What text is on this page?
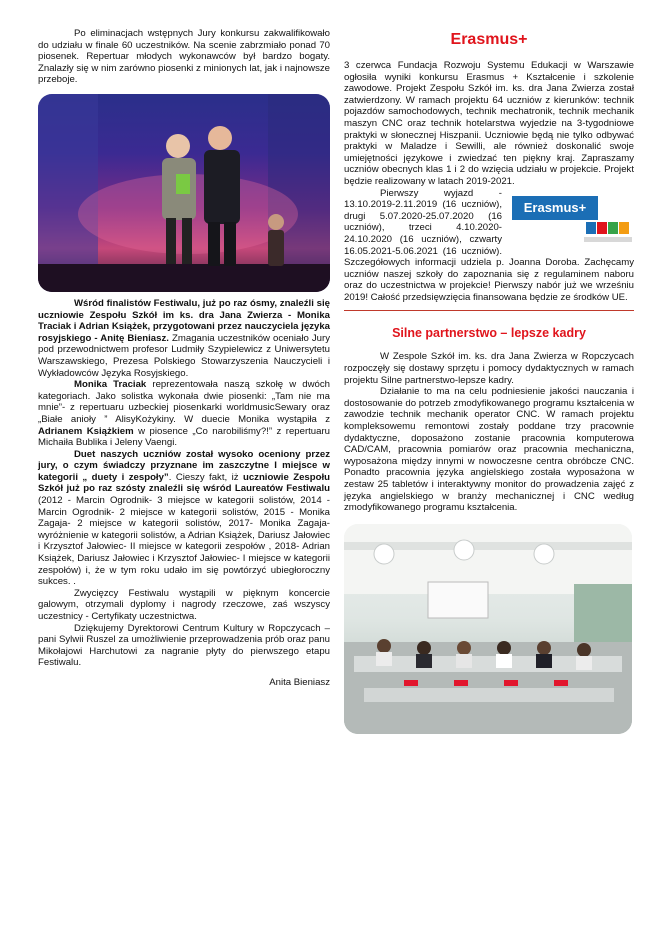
Po eliminacjach wstępnych Jury konkursu zakwalifikowało do udziału w finale 60 uczestników. Na scenie zabrzmiało ponad 70 piosenek. Repertuar młodych wykonawców był bardzo bogaty. Znalazły się w nim zarówno piosenki z minionych lat, jak i najnowsze przeboje.

Wśród finalistów Festiwalu, już po raz ósmy, znaleźli się uczniowie Zespołu Szkół im ks. dra Jana Zwierza - Monika Traciak i Adrian Książek, przygotowani przez nauczyciela języka rosyjskiego - Anitę Bieniasz. Zmagania uczestników oceniało Jury pod przewodnictwem profesor Ludmiły Szypielewicz z Uniwersytetu Warszawskiego, Prezesa Polskiego Stowarzyszenia Nauczycieli i Wykładowców Języka Rosyjskiego.

Monika Traciak reprezentowała naszą szkołę w dwóch kategoriach. Jako solistka wykonała dwie piosenki: „Tam nie ma mnie”- z repertuaru uzbeckiej piosenkarki worldmusicSewary oraz „Białe anioły ” AlisyKożykiny. W duecie Monika wystąpiła z Adrianem Książkiem w piosence „Co narobiliśmy?!” z repertuaru Michaiła Bublika i Jeleny Vaengi.

Duet naszych uczniów został wysoko oceniony przez jury, o czym świadczy przyznane im zaszczytne I miejsce w kategorii „ duety i zespoły”. Cieszy fakt, iż uczniowie Zespołu Szkół już po raz szósty znaleźli się wśród Laureatów Festiwalu (2012 - Marcin Ogrodnik- 3 miejsce w kategorii solistów, 2014 - Marcin Ogrodnik- 2 miejsce w kategorii solistów, 2015 - Monika Zagaja- 2 miejsce w kategorii solistów, 2017- Monika Zagaja-wyróżnienie w kategorii solistów, a Adrian Książek, Dariusz Jałowiec i Krzysztof Jałowiec- II miejsce w kategorii zespołów , 2018- Adrian Książek, Dariusz Jałowiec i Krzysztof Jałowiec- I miejsce w kategorii zespołów) i, że w tym roku udało im się powtórzyć ubiegłoroczny sukces. .

Zwycięzcy Festiwalu wystąpili w pięknym koncercie galowym, otrzymali dyplomy i nagrody rzeczowe, zaś wszyscy uczestnicy - Certyfikaty uczestnictwa.

Dziękujemy Dyrektorowi Centrum Kultury w Ropczycach – pani Sylwii Ruszel za umożliwienie przeprowadzenia prób oraz panu Mikołajowi Harchutowi za nagranie płyty do pierwszego etapu Festiwalu.

Anita Bieniasz

Erasmus+

3 czerwca Fundacja Rozwoju Systemu Edukacji w Warszawie ogłosiła wyniki konkursu Erasmus + Kształcenie i szkolenie zawodowe. Projekt Zespołu Szkół im. ks. dra Jana Zwierza został zatwierdzony. W ramach projektu 64 uczniów z kierunków: technik pojazdów samochodowych, technik mechatronik, technik mechanik maszyn CNC oraz technik hotelarstwa wyjedzie na 3-tygodniowe praktyki w słonecznej Hiszpanii. Uczniowie będą nie tylko odbywać praktyki w Maladze i Sewilli, ale również doskonalić swoje umiejętności językowe i zwiedzać ten piękny kraj. Zapraszamy uczniów obecnych klas 1 i 2 do wzięcia udziału w projekcie. Projekt będzie realizowany w latach 2019-2021.

Erasmus+

Pierwszy wyjazd - 13.10.2019-2.11.2019 (16 uczniów), drugi 5.07.2020-25.07.2020 (16 uczniów), trzeci 4.10.2020-24.10.2020 (16 uczniów), czwarty 16.05.2021-5.06.2021 (16 uczniów). Szczegółowych informacji udziela p. Joanna Doroba. Zachęcamy uczniów naszej szkoły do zapoznania się z regulaminem naboru oraz do uczestnictwa w projekcie! Pierwszy nabór już we wrześniu 2019! Całość przedsięwzięcia finansowana będzie ze środków UE.

Silne partnerstwo – lepsze kadry

W Zespole Szkół im. ks. dra Jana Zwierza w Ropczycach rozpoczęły się dostawy sprzętu i pomocy dydaktycznych w ramach projektu Silne partnerstwo-lepsze kadry.

Działanie to ma na celu podniesienie jakości nauczania i dostosowanie do potrzeb zmodyfikowanego programu kształcenia w zawodzie technik mechanik operator CNC. W ramach projektu kompleksowemu remontowi zostały poddane trzy pracownie dydaktyczne, doposażono zostanie pracownia komputerowa CAD/CAM, pracownia pomiarów oraz pracownia mechaniczna, wyposażona między innymi w nowoczesne centra obróbcze CNC. Ponadto pracownia języka angielskiego została wyposażona w zestaw 25 tabletów i interaktywny monitor do prowadzenia zajęć z języka angielskiego w branży mechanicznej i CNC według zmodyfikowanego programu kształcenia.
